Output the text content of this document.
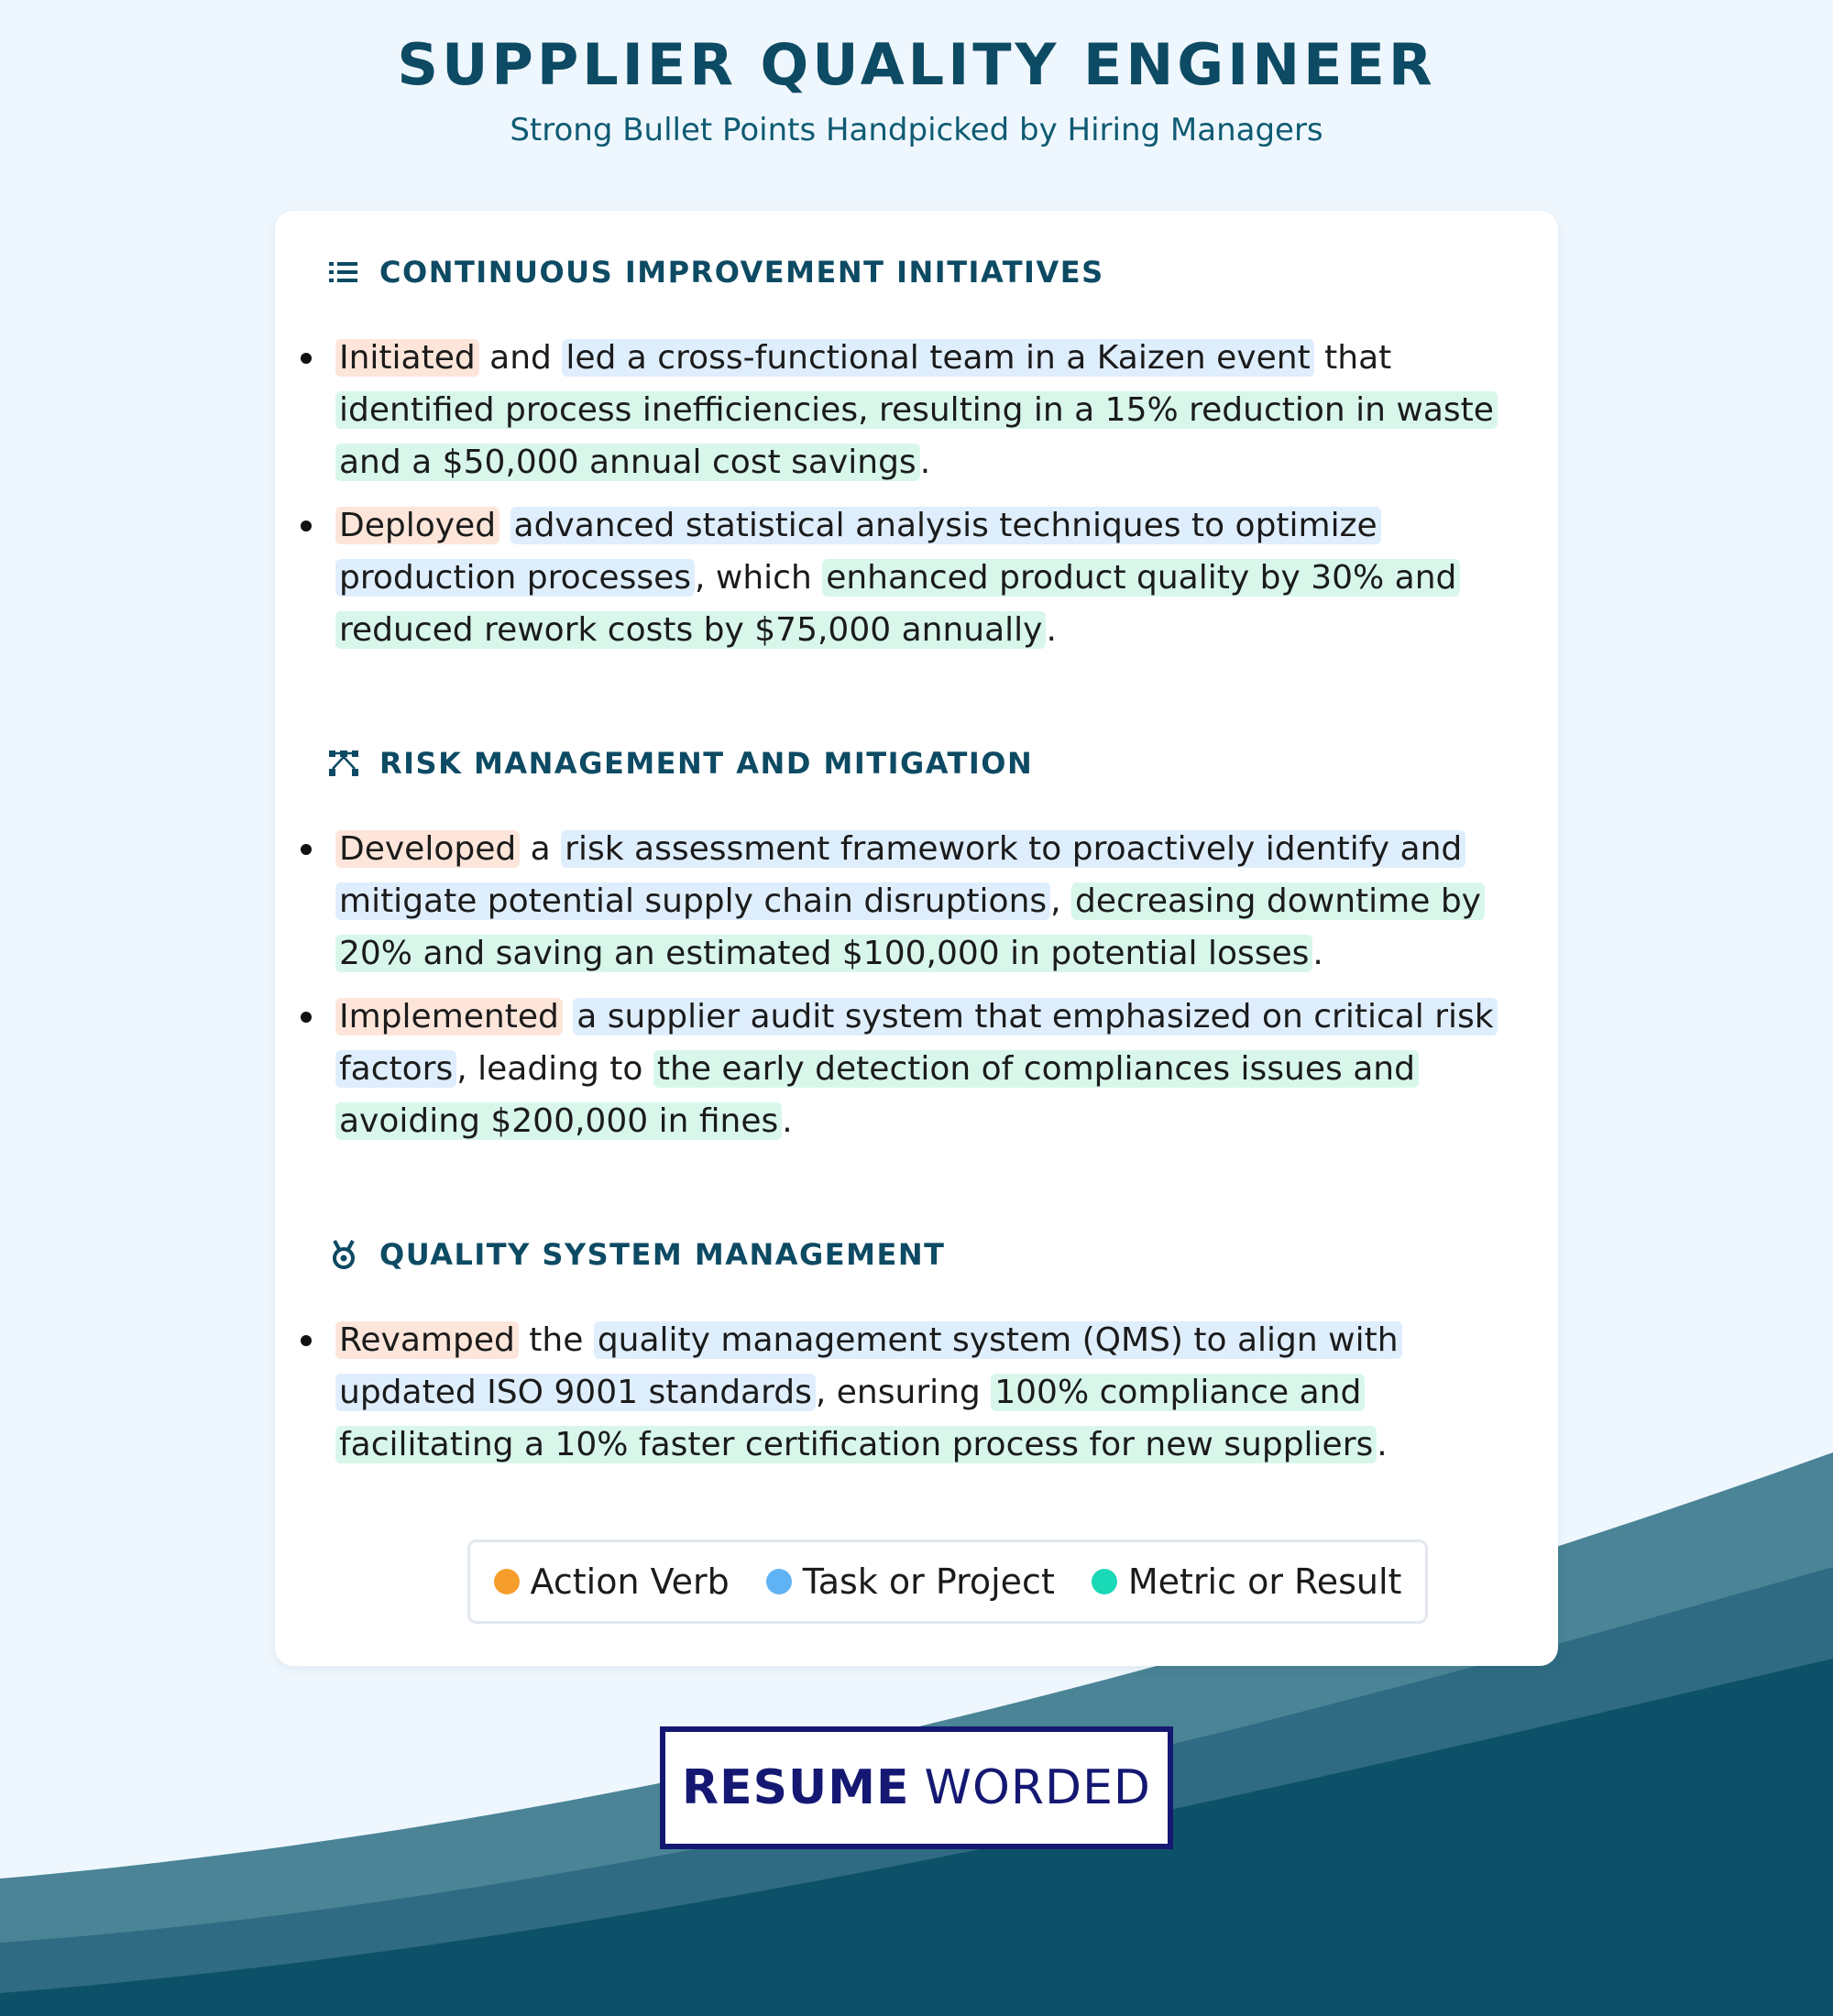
SUPPLIER QUALITY ENGINEER

Strong Bullet Points Handpicked by Hiring Managers

CONTINUOUS IMPROVEMENT INITIATIVES
Initiated and led a cross-functional team in a Kaizen event that identified process inefficiencies, resulting in a 15% reduction in waste and a $50,000 annual cost savings .
Deployed advanced statistical analysis techniques to optimize production processes , which enhanced product quality by 30% and reduced rework costs by $75,000 annually .
RISK MANAGEMENT AND MITIGATION
Developed a risk assessment framework to proactively identify and mitigate potential supply chain disruptions , decreasing downtime by 20% and saving an estimated $100,000 in potential losses .
Implemented a supplier audit system that emphasized on critical risk factors , leading to the early detection of compliances issues and avoiding $200,000 in fines .
QUALITY SYSTEM MANAGEMENT
Revamped the quality management system (QMS) to align with updated ISO 9001 standards , ensuring 100% compliance and facilitating a 10% faster certification process for new suppliers .
Action Verb Task or Project Metric or Result
RESUME WORDED
